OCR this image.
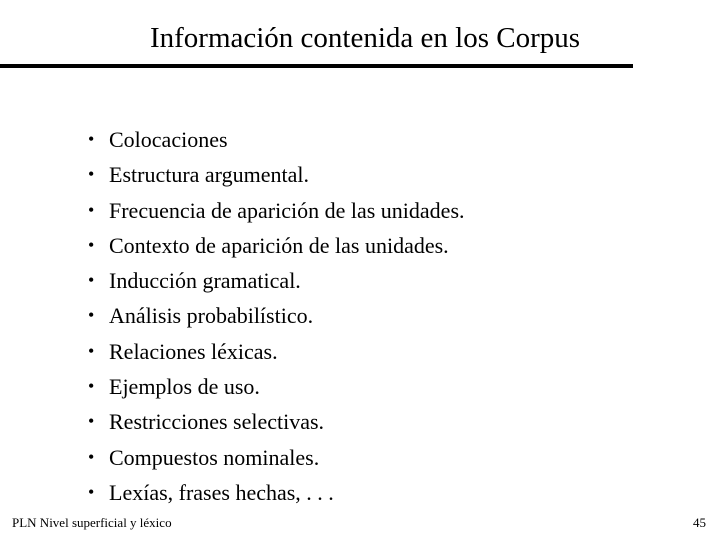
Información contenida en los Corpus
• Colocaciones
• Estructura argumental.
• Frecuencia de aparición de las unidades.
• Contexto de aparición de las unidades.
• Inducción gramatical.
• Análisis probabilístico.
• Relaciones léxicas.
• Ejemplos de uso.
• Restricciones selectivas.
• Compuestos nominales.
• Lexías, frases hechas, . . .
PLN Nivel superficial y léxico	45
